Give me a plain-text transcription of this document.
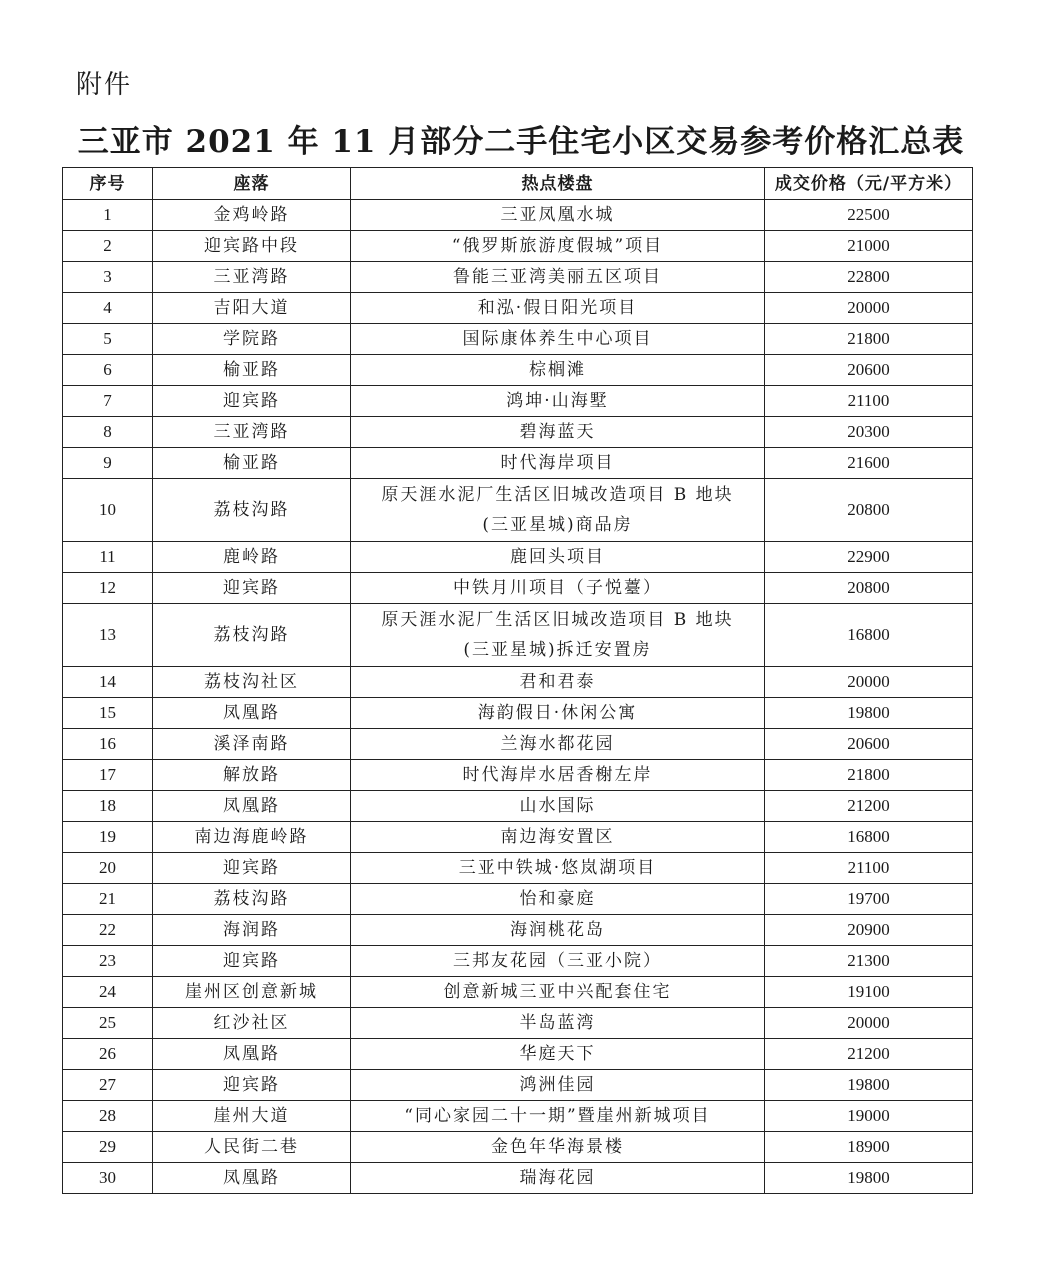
附件
三亚市 2021 年 11 月部分二手住宅小区交易参考价格汇总表
序号	座落	热点楼盘	成交价格（元/平方米）
1	金鸡岭路	三亚凤凰水城	22500
2	迎宾路中段	“俄罗斯旅游度假城”项目	21000
3	三亚湾路	鲁能三亚湾美丽五区项目	22800
4	吉阳大道	和泓·假日阳光项目	20000
5	学院路	国际康体养生中心项目	21800
6	榆亚路	棕榈滩	20600
7	迎宾路	鸿坤·山海墅	21100
8	三亚湾路	碧海蓝天	20300
9	榆亚路	时代海岸项目	21600
10	荔枝沟路	原天涯水泥厂生活区旧城改造项目 B 地块
(三亚星城)商品房	20800
11	鹿岭路	鹿回头项目	22900
12	迎宾路	中铁月川项目（子悦薹）	20800
13	荔枝沟路	原天涯水泥厂生活区旧城改造项目 B 地块
(三亚星城)拆迁安置房	16800
14	荔枝沟社区	君和君泰	20000
15	凤凰路	海韵假日·休闲公寓	19800
16	溪泽南路	兰海水都花园	20600
17	解放路	时代海岸水居香榭左岸	21800
18	凤凰路	山水国际	21200
19	南边海鹿岭路	南边海安置区	16800
20	迎宾路	三亚中铁城·悠岚湖项目	21100
21	荔枝沟路	怡和豪庭	19700
22	海润路	海润桃花岛	20900
23	迎宾路	三邦友花园（三亚小院）	21300
24	崖州区创意新城	创意新城三亚中兴配套住宅	19100
25	红沙社区	半岛蓝湾	20000
26	凤凰路	华庭天下	21200
27	迎宾路	鸿洲佳园	19800
28	崖州大道	“同心家园二十一期”暨崖州新城项目	19000
29	人民街二巷	金色年华海景楼	18900
30	凤凰路	瑞海花园	19800
